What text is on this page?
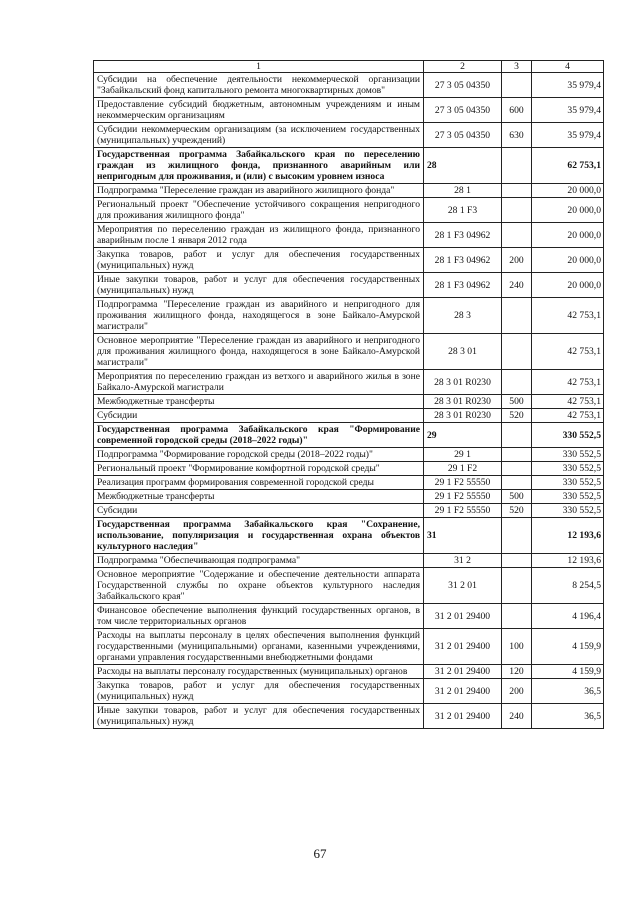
1	2	3	4
Субсидии на обеспечение деятельности некоммерческой организации "Забайкальский фонд капитального ремонта многоквартирных домов"	27 3 05 04350		35 979,4
Предоставление субсидий бюджетным, автономным учреждениям и иным некоммерческим организациям	27 3 05 04350	600	35 979,4
Субсидии некоммерческим организациям (за исключением государственных (муниципальных) учреждений)	27 3 05 04350	630	35 979,4
Государственная программа Забайкальского края по переселению граждан из жилищного фонда, признанного аварийным или непригодным для проживания, и (или) с высоким уровнем износа	28		62 753,1
Подпрограмма "Переселение граждан из аварийного жилищного фонда"	28 1		20 000,0
Региональный проект "Обеспечение устойчивого сокращения непригодного для проживания жилищного фонда"	28 1 F3		20 000,0
Мероприятия по переселению граждан из жилищного фонда, признанного аварийным после 1 января 2012 года	28 1 F3 04962		20 000,0
Закупка товаров, работ и услуг для обеспечения государственных (муниципальных) нужд	28 1 F3 04962	200	20 000,0
Иные закупки товаров, работ и услуг для обеспечения государственных (муниципальных) нужд	28 1 F3 04962	240	20 000,0
Подпрограмма "Переселение граждан из аварийного и непригодного для проживания жилищного фонда, находящегося в зоне Байкало-Амурской магистрали"	28 3		42 753,1
Основное мероприятие "Переселение граждан из аварийного и непригодного для проживания жилищного фонда, находящегося в зоне Байкало-Амурской магистрали"	28 3 01		42 753,1
Мероприятия по переселению граждан из ветхого и аварийного жилья в зоне Байкало-Амурской магистрали	28 3 01 R0230		42 753,1
Межбюджетные трансферты	28 3 01 R0230	500	42 753,1
Субсидии	28 3 01 R0230	520	42 753,1
Государственная программа Забайкальского края "Формирование современной городской среды (2018–2022 годы)"	29		330 552,5
Подпрограмма "Формирование городской среды (2018–2022 годы)"	29 1		330 552,5
Региональный проект "Формирование комфортной городской среды"	29 1 F2		330 552,5
Реализация программ формирования современной городской среды	29 1 F2 55550		330 552,5
Межбюджетные трансферты	29 1 F2 55550	500	330 552,5
Субсидии	29 1 F2 55550	520	330 552,5
Государственная программа Забайкальского края "Сохранение, использование, популяризация и государственная охрана объектов культурного наследия"	31		12 193,6
Подпрограмма "Обеспечивающая подпрограмма"	31 2		12 193,6
Основное мероприятие "Содержание и обеспечение деятельности аппарата Государственной службы по охране объектов культурного наследия Забайкальского края"	31 2 01		8 254,5
Финансовое обеспечение выполнения функций государственных органов, в том числе территориальных органов	31 2 01 29400		4 196,4
Расходы на выплаты персоналу в целях обеспечения выполнения функций государственными (муниципальными) органами, казенными учреждениями, органами управления государственными внебюджетными фондами	31 2 01 29400	100	4 159,9
Расходы на выплаты персоналу государственных (муниципальных) органов	31 2 01 29400	120	4 159,9
Закупка товаров, работ и услуг для обеспечения государственных (муниципальных) нужд	31 2 01 29400	200	36,5
Иные закупки товаров, работ и услуг для обеспечения государственных (муниципальных) нужд	31 2 01 29400	240	36,5
67
